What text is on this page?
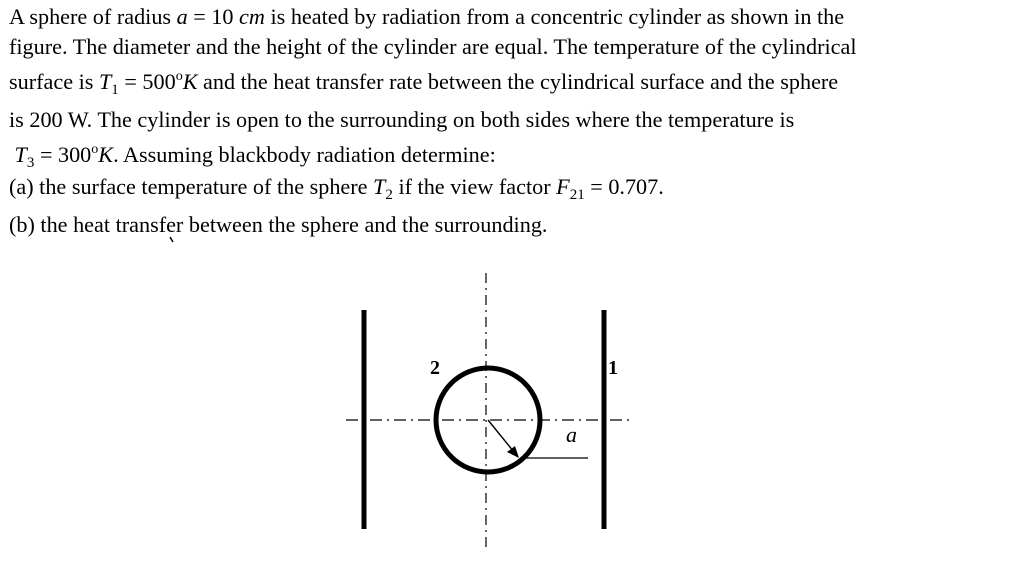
A sphere of radius a = 10 cm is heated by radiation from a concentric cylinder as shown in the
figure. The diameter and the height of the cylinder are equal. The temperature of the cylindrical
surface is $T_1 = 500^oK$ and the heat transfer rate between the cylindrical surface and the sphere
is 200 W. The cylinder is open to the surrounding on both sides where the temperature is
$T_3 = 300^oK$. Assuming blackbody radiation determine:
(a) the surface temperature of the sphere $T_2$ if the view factor $F_{21} = 0.707$.
(b) the heat transfer between the sphere and the surrounding.
2	1
a
